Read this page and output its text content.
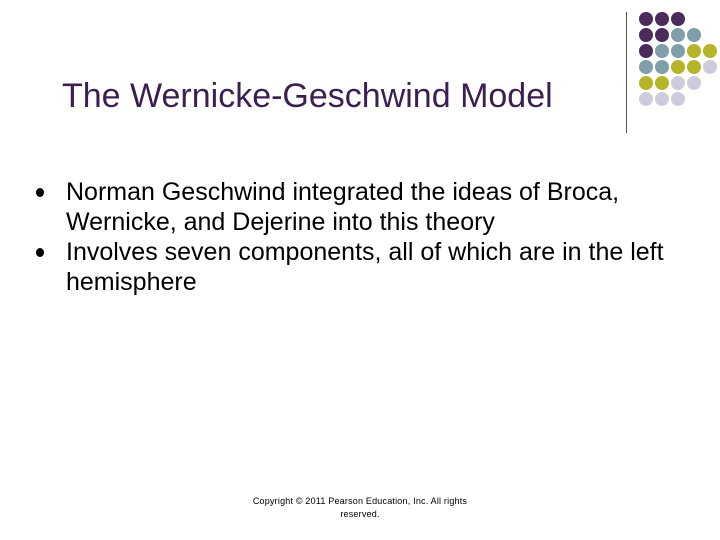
The Wernicke-Geschwind Model
Norman Geschwind integrated the ideas of Broca, Wernicke, and Dejerine into this theory
Involves seven components, all of which are in the left hemisphere
Copyright © 2011 Pearson Education, Inc. All rights reserved.
